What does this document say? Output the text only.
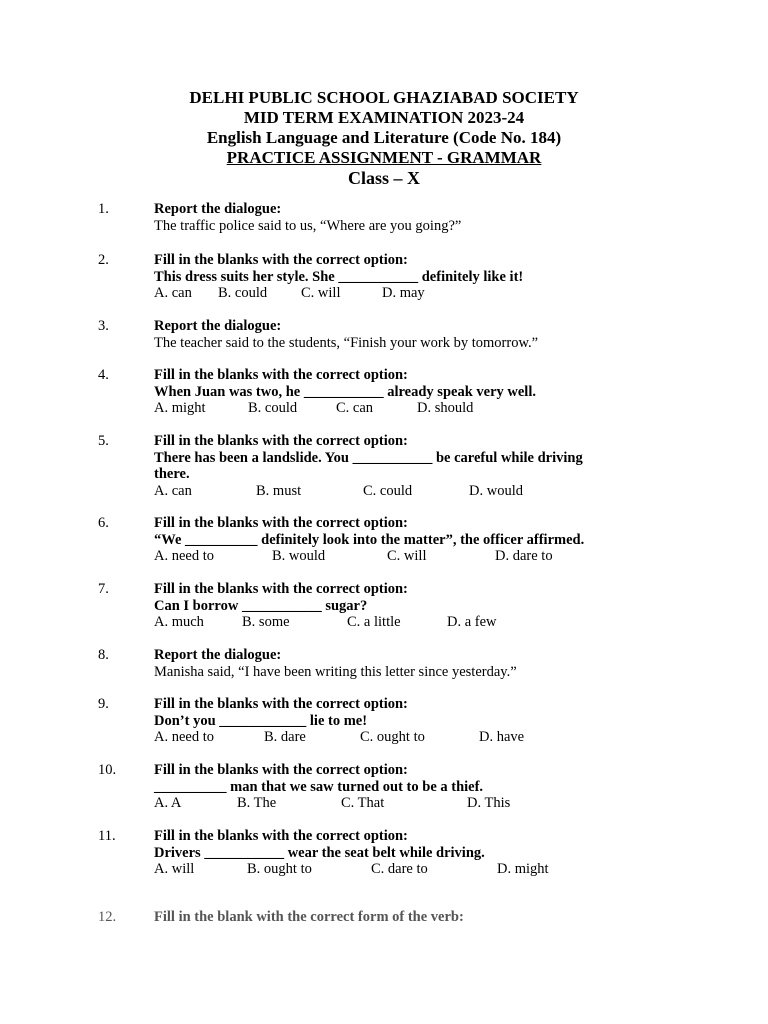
DELHI PUBLIC SCHOOL GHAZIABAD SOCIETY
MID TERM EXAMINATION 2023-24
English Language and Literature (Code No. 184)
PRACTICE ASSIGNMENT - GRAMMAR
Class – X
1.	Report the dialogue:
The traffic police said to us, “Where are you going?”
2.	Fill in the blanks with the correct option:
This dress suits her style. She ___________ definitely like it!
A. can B. could C. will	D. may
3.	Report the dialogue:
The teacher said to the students, “Finish your work by tomorrow.”
4.	Fill in the blanks with the correct option:
When Juan was two, he ___________ already speak very well.
A. might	B. could	C. can	D. should
5.	Fill in the blanks with the correct option:
There has been a landslide. You ___________ be careful while driving there.
A. can	B. must	C. could	D. would
6.	Fill in the blanks with the correct option:
“We __________ definitely look into the matter”, the officer affirmed.
A. need to	B. would	C. will	D. dare to
7.	Fill in the blanks with the correct option:
Can I borrow ___________ sugar?
A. much	B. some	C. a little	D. a few
8.	Report the dialogue:
Manisha said, “I have been writing this letter since yesterday.”
9.	Fill in the blanks with the correct option:
Don’t you ____________ lie to me!
A. need to	B. dare	C. ought to	D. have
10.	Fill in the blanks with the correct option:
__________ man that we saw turned out to be a thief.
A. A	B. The	C. That	D. This
11.	Fill in the blanks with the correct option:
Drivers ___________ wear the seat belt while driving.
A. will	B. ought to	C. dare to	D. might
12.	Fill in the blank with the correct form of the verb:
